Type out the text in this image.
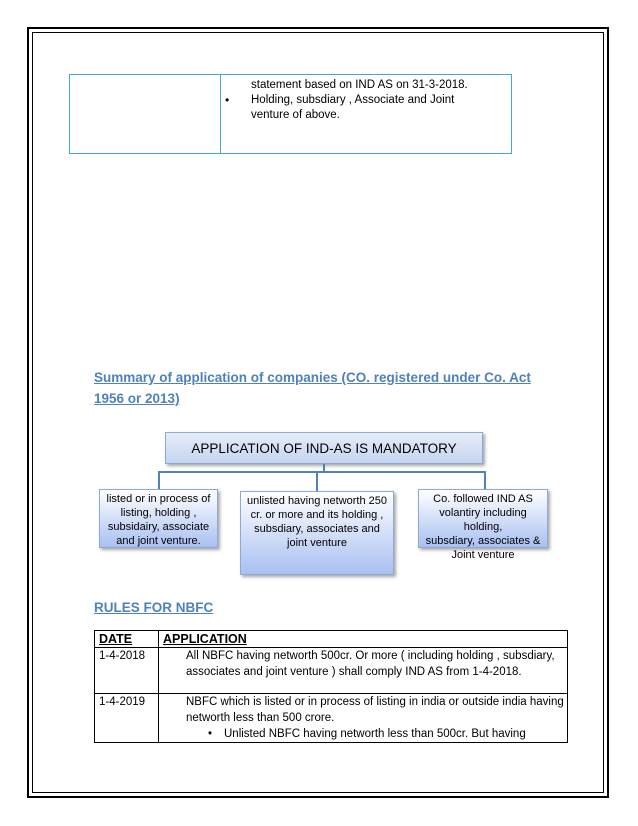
statement based on IND AS on 31-3-2018.
• Holding, subsdiary , Associate and Joint
venture of above.
Summary of application of companies (CO. registered under Co. Act
1956 or 2013)
APPLICATION OF IND-AS IS MANDATORY
listed or in process of
listing, holding ,
subsidairy, associate
and joint venture.
unlisted having networth 250
cr. or more and its holding ,
subsdiary, associates and
joint venture
Co. followed IND AS
volantiry including holding,
subsdiary, associates &
Joint venture
RULES FOR NBFC
DATE	APPLICATION
1-4-2018	All NBFC having networth 500cr. Or more ( including holding , subsdiary,
associates and joint venture ) shall comply IND AS from 1-4-2018.

1-4-2019	NBFC which is listed or in process of listing in india or outside india having
networth less than 500 crore.
• Unlisted NBFC having networth less than 500cr. But having
